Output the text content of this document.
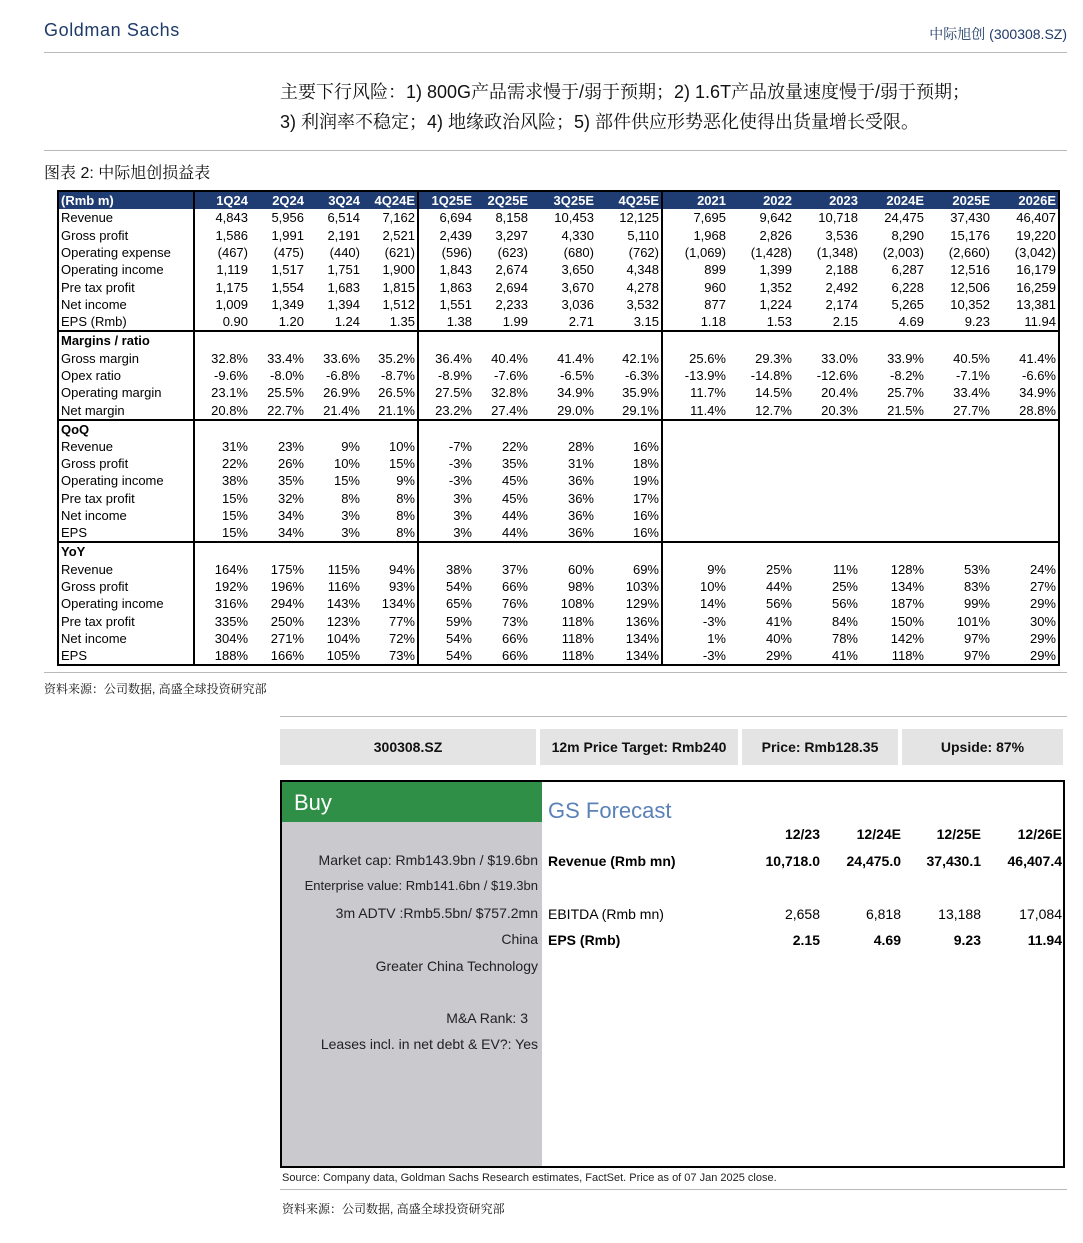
Goldman Sachs	中际旭创 (300308.SZ)
主要下行风险：1) 800G产品需求慢于/弱于预期；2) 1.6T产品放量速度慢于/弱于预期；
3) 利润率不稳定；4) 地缘政治风险；5) 部件供应形势恶化使得出货量增长受限。
图表 2: 中际旭创损益表
(Rmb m)	1Q24	2Q24	3Q24	4Q24E	1Q25E	2Q25E	3Q25E	4Q25E	2021	2022	2023	2024E	2025E	2026E
Revenue	4,843	5,956	6,514	7,162	6,694	8,158	10,453	12,125	7,695	9,642	10,718	24,475	37,430	46,407
Gross profit	1,586	1,991	2,191	2,521	2,439	3,297	4,330	5,110	1,968	2,826	3,536	8,290	15,176	19,220
Operating expense	(467)	(475)	(440)	(621)	(596)	(623)	(680)	(762)	(1,069)	(1,428)	(1,348)	(2,003)	(2,660)	(3,042)
Operating income	1,119	1,517	1,751	1,900	1,843	2,674	3,650	4,348	899	1,399	2,188	6,287	12,516	16,179
Pre tax profit	1,175	1,554	1,683	1,815	1,863	2,694	3,670	4,278	960	1,352	2,492	6,228	12,506	16,259
Net income	1,009	1,349	1,394	1,512	1,551	2,233	3,036	3,532	877	1,224	2,174	5,265	10,352	13,381
EPS (Rmb)	0.90	1.20	1.24	1.35	1.38	1.99	2.71	3.15	1.18	1.53	2.15	4.69	9.23	11.94
Margins / ratio														
Gross margin	32.8%	33.4%	33.6%	35.2%	36.4%	40.4%	41.4%	42.1%	25.6%	29.3%	33.0%	33.9%	40.5%	41.4%
Opex ratio	-9.6%	-8.0%	-6.8%	-8.7%	-8.9%	-7.6%	-6.5%	-6.3%	-13.9%	-14.8%	-12.6%	-8.2%	-7.1%	-6.6%
Operating margin	23.1%	25.5%	26.9%	26.5%	27.5%	32.8%	34.9%	35.9%	11.7%	14.5%	20.4%	25.7%	33.4%	34.9%
Net margin	20.8%	22.7%	21.4%	21.1%	23.2%	27.4%	29.0%	29.1%	11.4%	12.7%	20.3%	21.5%	27.7%	28.8%
QoQ														
Revenue	31%	23%	9%	10%	-7%	22%	28%	16%						
Gross profit	22%	26%	10%	15%	-3%	35%	31%	18%						
Operating income	38%	35%	15%	9%	-3%	45%	36%	19%						
Pre tax profit	15%	32%	8%	8%	3%	45%	36%	17%						
Net income	15%	34%	3%	8%	3%	44%	36%	16%						
EPS	15%	34%	3%	8%	3%	44%	36%	16%						
YoY														
Revenue	164%	175%	115%	94%	38%	37%	60%	69%	9%	25%	11%	128%	53%	24%
Gross profit	192%	196%	116%	93%	54%	66%	98%	103%	10%	44%	25%	134%	83%	27%
Operating income	316%	294%	143%	134%	65%	76%	108%	129%	14%	56%	56%	187%	99%	29%
Pre tax profit	335%	250%	123%	77%	59%	73%	118%	136%	-3%	41%	84%	150%	101%	30%
Net income	304%	271%	104%	72%	54%	66%	118%	134%	1%	40%	78%	142%	97%	29%
EPS	188%	166%	105%	73%	54%	66%	118%	134%	-3%	29%	41%	118%	97%	29%
资料来源：公司数据, 高盛全球投资研究部
300308.SZ	12m Price Target: Rmb240	Price: Rmb128.35	Upside: 87%
Buy
Market cap: Rmb143.9bn / $19.6bn
Enterprise value: Rmb141.6bn / $19.3bn
3m ADTV :Rmb5.5bn/ $757.2mn
China
Greater China Technology
M&A Rank: 3
Leases incl. in net debt & EV?: Yes
GS Forecast
12/23	12/24E	12/25E	12/26E
Revenue (Rmb mn)	10,718.0	24,475.0	37,430.1	46,407.4
EBITDA (Rmb mn)	2,658	6,818	13,188	17,084
EPS (Rmb)	2.15	4.69	9.23	11.94
Source: Company data, Goldman Sachs Research estimates, FactSet. Price as of 07 Jan 2025 close.
资料来源：公司数据, 高盛全球投资研究部
